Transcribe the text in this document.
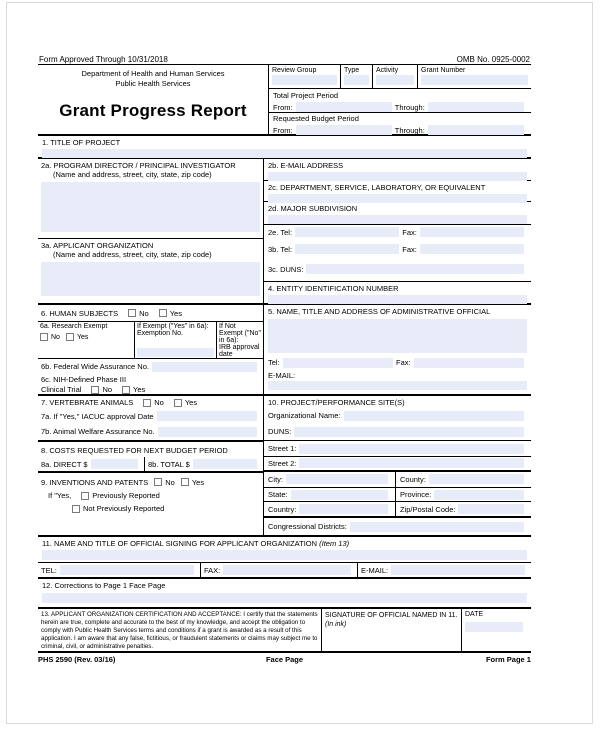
Form Approved Through 10/31/2018	OMB No. 0925-0002
Department of Health and Human Services
Public Health Services
Grant Progress Report
Review Group	Type	Activity	Grant Number
Total Project Period
From:	Through:
Requested Budget Period
From:	Through:
1. TITLE OF PROJECT
2a. PROGRAM DIRECTOR / PRINCIPAL INVESTIGATOR
(Name and address, street, city, state, zip code)
3a. APPLICANT ORGANIZATION
(Name and address, street, city, state, zip code)
2b. E-MAIL ADDRESS
2c. DEPARTMENT, SERVICE, LABORATORY, OR EQUIVALENT
2d. MAJOR SUBDIVISION
2e. Tel:	Fax:
3b. Tel:	Fax:
3c. DUNS:
4. ENTITY IDENTIFICATION NUMBER
6. HUMAN SUBJECTS	No	Yes
6a. Research Exempt
No Yes
If Exempt ("Yes" in 6a):
Exemption No.
If Not Exempt ("No" in 6a):
IRB approval date
6b. Federal Wide Assurance No.
6c. NIH-Defined Phase III
Clinical Trial	No	Yes
5. NAME, TITLE AND ADDRESS OF ADMINISTRATIVE OFFICIAL
Tel:	Fax:
E-MAIL:
7. VERTEBRATE ANIMALS	No	Yes
7a. If "Yes," IACUC approval Date
7b. Animal Welfare Assurance No.
8. COSTS REQUESTED FOR NEXT BUDGET PERIOD
8a. DIRECT $	8b. TOTAL $
9. INVENTIONS AND PATENTS No Yes
If "Yes,	Previously Reported
Not Previously Reported
10. PROJECT/PERFORMANCE SITE(S)
Organizational Name:
DUNS:
Street 1:
Street 2:
City:	County:
State:	Province:
Country:	Zip/Postal Code:
Congressional Districts:
11. NAME AND TITLE OF OFFICIAL SIGNING FOR APPLICANT ORGANIZATION (Item 13)
TEL:	FAX:	E-MAIL:
12. Corrections to Page 1 Face Page
13. APPLICANT ORGANIZATION CERTIFICATION AND ACCEPTANCE: I certify that the statements herein are true, complete and accurate to the best of my knowledge, and accept the obligation to comply with Public Health Services terms and conditions if a grant is awarded as a result of this application. I am aware that any false, fictitious, or fraudulent statements or claims may subject me to criminal, civil, or administrative penalties.
SIGNATURE OF OFFICIAL NAMED IN 11. (In ink)
DATE
PHS 2590 (Rev. 03/16)	Face Page	Form Page 1
